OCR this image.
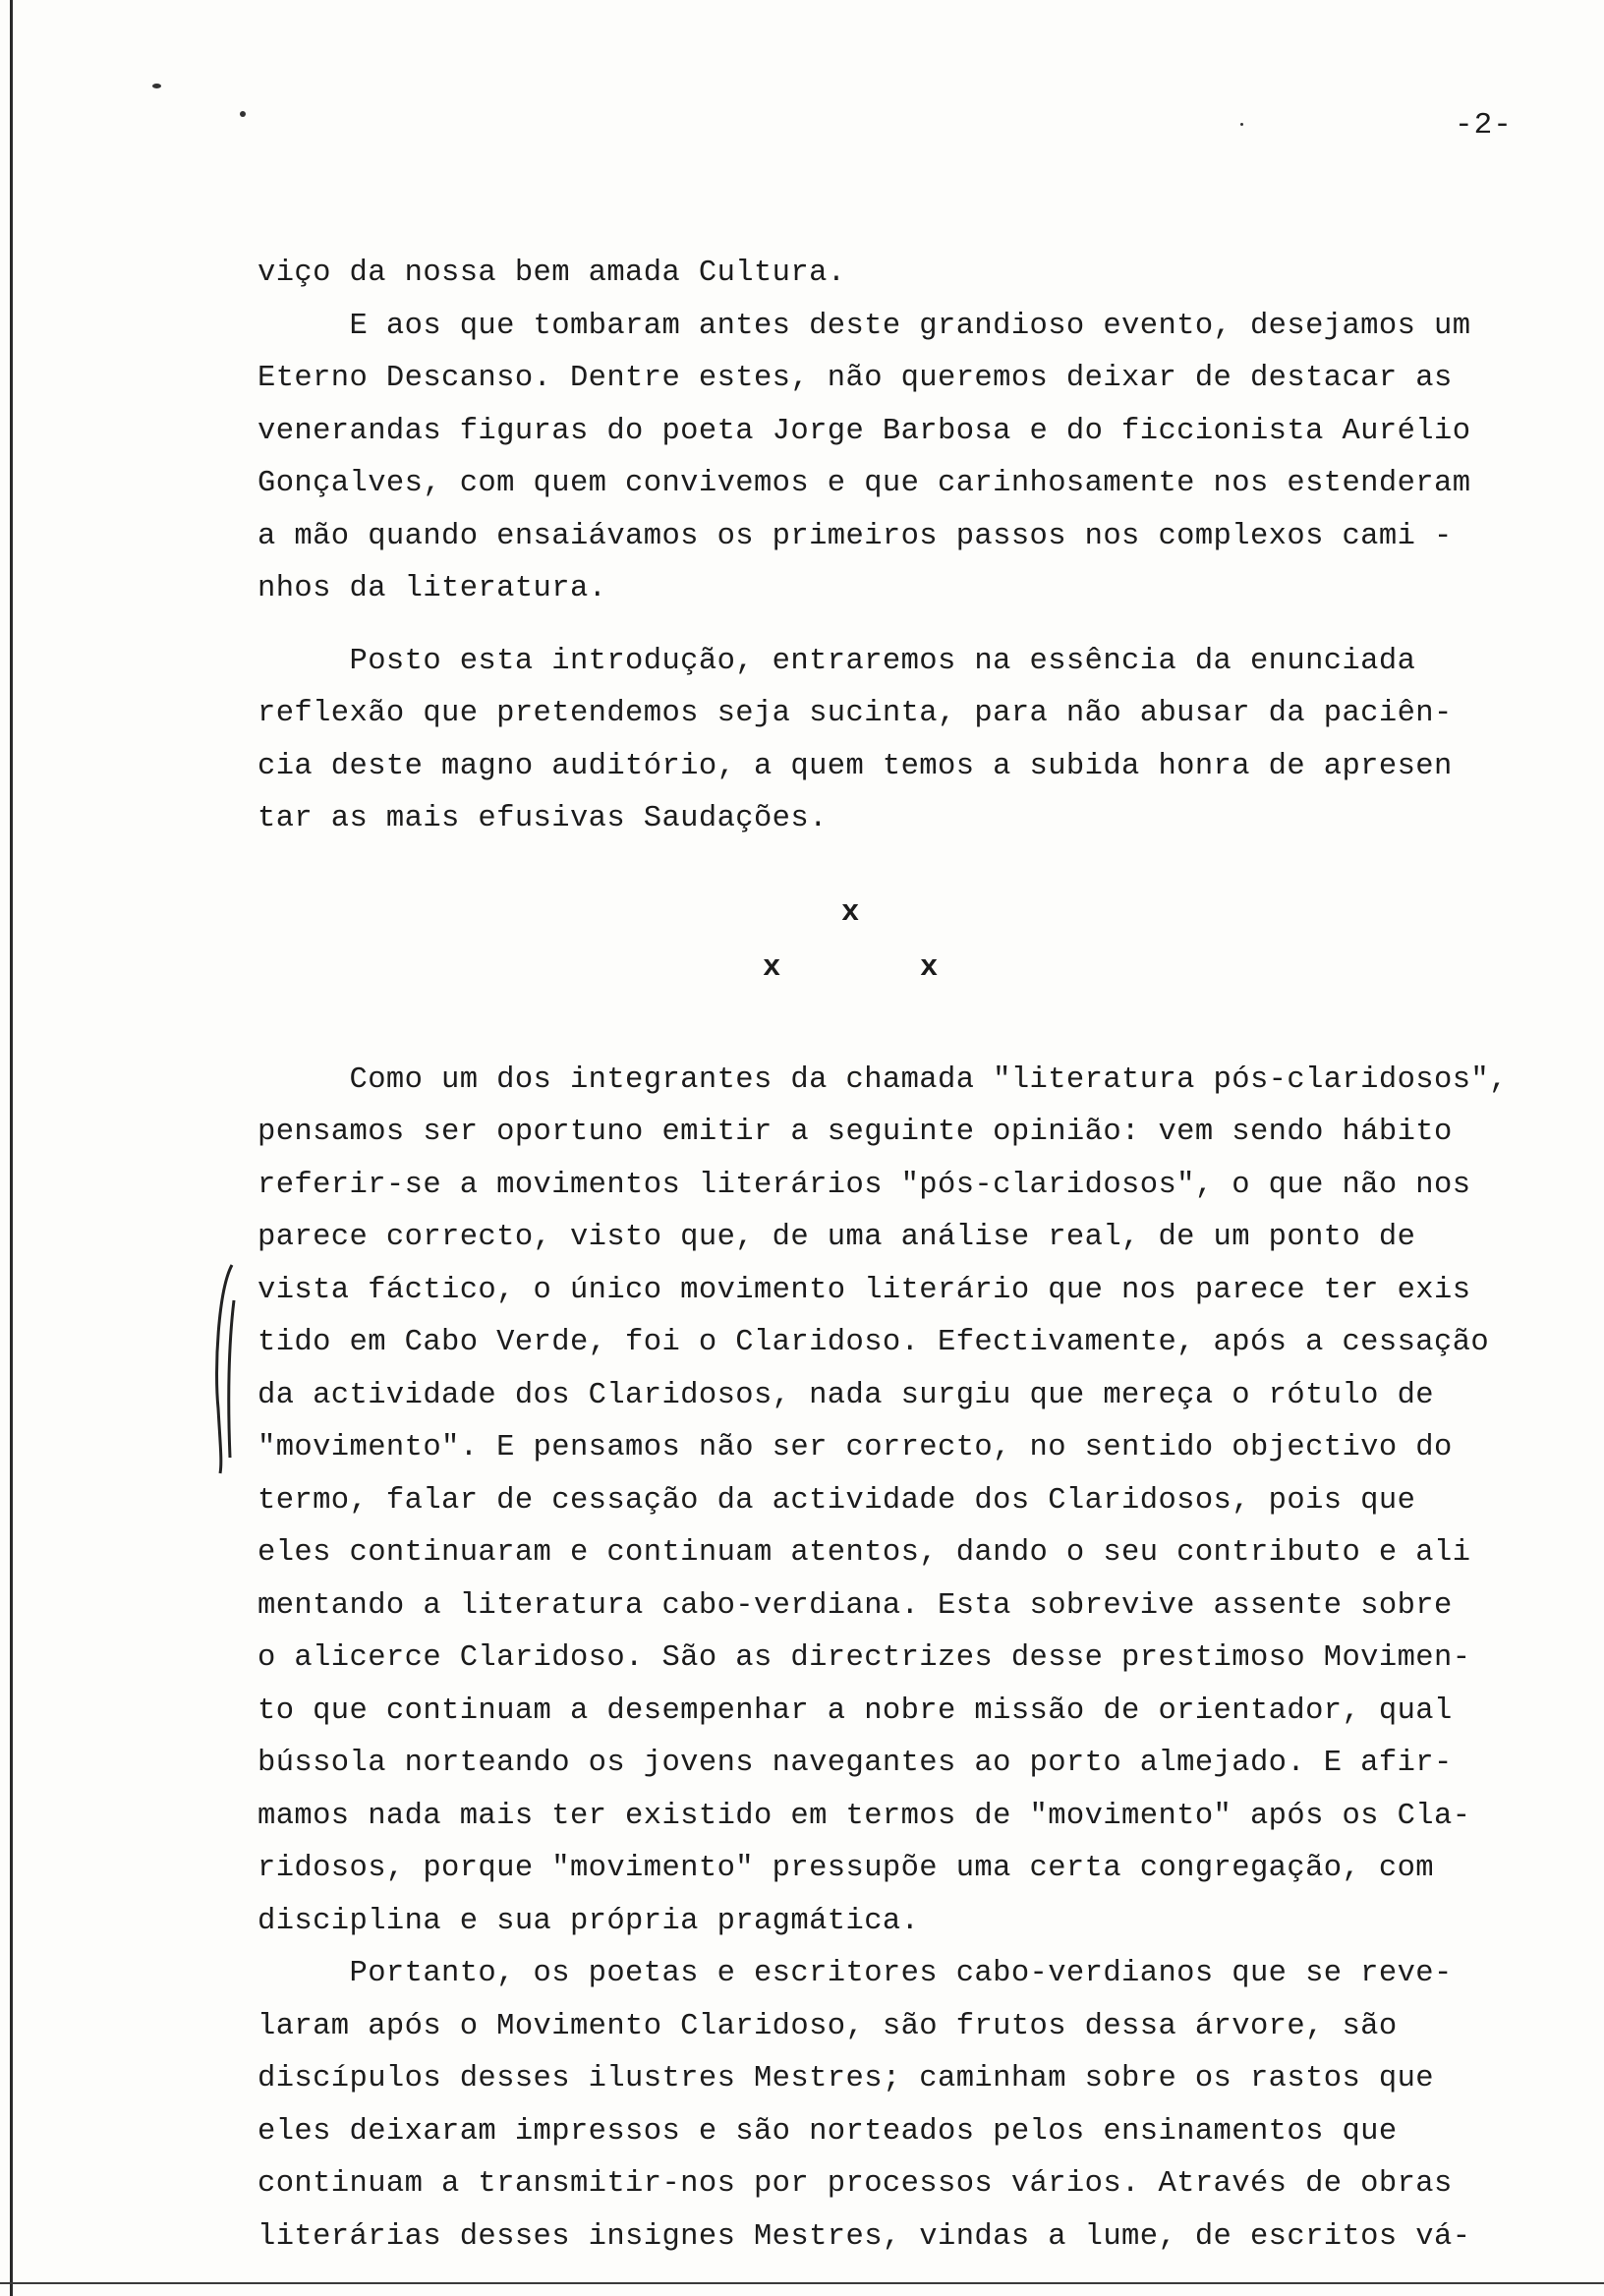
-2-
viço da nossa bem amada Cultura.
E aos que tombaram antes deste grandioso evento, desejamos um
Eterno Descanso. Dentre estes, não queremos deixar de destacar as
venerandas figuras do poeta Jorge Barbosa e do ficcionista Aurélio
Gonçalves, com quem convivemos e que carinhosamente nos estenderam
a mão quando ensaiávamos os primeiros passos nos complexos cami -
nhos da literatura.
Posto esta introdução, entraremos na essência da enunciada
reflexão que pretendemos seja sucinta, para não abusar da paciên-
cia deste magno auditório, a quem temos a subida honra de apresen
tar as mais efusivas Saudações.
x
x	x
Como um dos integrantes da chamada "literatura pós-claridosos",
pensamos ser oportuno emitir a seguinte opinião: vem sendo hábito
referir-se a movimentos literários "pós-claridosos", o que não nos
parece correcto, visto que, de uma análise real, de um ponto de
vista fáctico, o único movimento literário que nos parece ter exis
tido em Cabo Verde, foi o Claridoso. Efectivamente, após a cessação
da actividade dos Claridosos, nada surgiu que mereça o rótulo de
"movimento". E pensamos não ser correcto, no sentido objectivo do
termo, falar de cessação da actividade dos Claridosos, pois que
eles continuaram e continuam atentos, dando o seu contributo e ali
mentando a literatura cabo-verdiana. Esta sobrevive assente sobre
o alicerce Claridoso. São as directrizes desse prestimoso Movimen-
to que continuam a desempenhar a nobre missão de orientador, qual
bússola norteando os jovens navegantes ao porto almejado. E afir-
mamos nada mais ter existido em termos de "movimento" após os Cla-
ridosos, porque "movimento" pressupõe uma certa congregação, com
disciplina e sua própria pragmática.
Portanto, os poetas e escritores cabo-verdianos que se reve-
laram após o Movimento Claridoso, são frutos dessa árvore, são
discípulos desses ilustres Mestres; caminham sobre os rastos que
eles deixaram impressos e são norteados pelos ensinamentos que
continuam a transmitir-nos por processos vários. Através de obras
literárias desses insignes Mestres, vindas a lume, de escritos vá-
